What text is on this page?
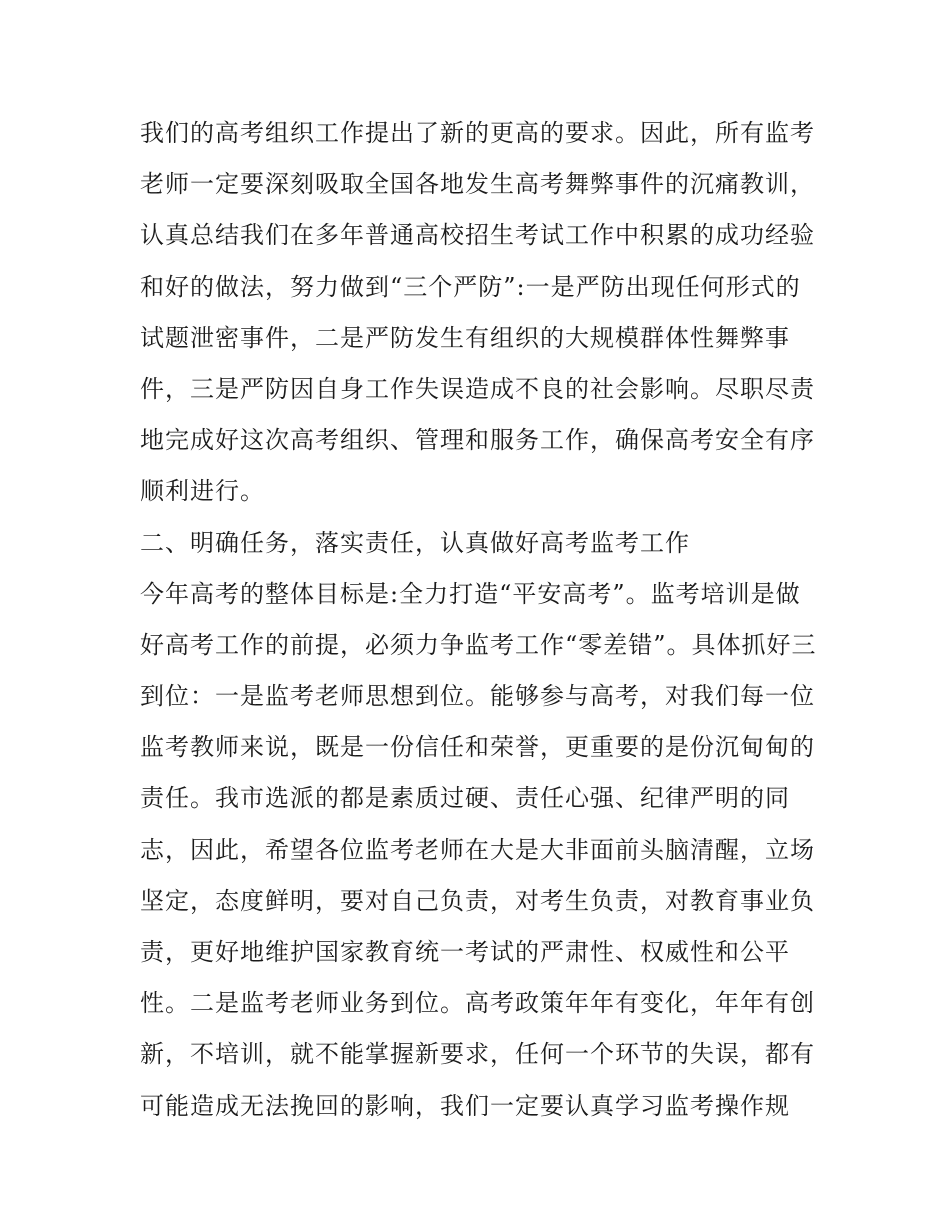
我们的高考组织工作提出了新的更高的要求。因此，所有监考
老师一定要深刻吸取全国各地发生高考舞弊事件的沉痛教训，
认真总结我们在多年普通高校招生考试工作中积累的成功经验
和好的做法，努力做到“三个严防”:一是严防出现任何形式的
试题泄密事件，二是严防发生有组织的大规模群体性舞弊事
件，三是严防因自身工作失误造成不良的社会影响。尽职尽责
地完成好这次高考组织、管理和服务工作，确保高考安全有序
顺利进行。
二、明确任务，落实责任，认真做好高考监考工作
今年高考的整体目标是:全力打造“平安高考”。监考培训是做
好高考工作的前提，必须力争监考工作“零差错”。具体抓好三
到位：一是监考老师思想到位。能够参与高考，对我们每一位
监考教师来说，既是一份信任和荣誉，更重要的是份沉甸甸的
责任。我市选派的都是素质过硬、责任心强、纪律严明的同
志，因此，希望各位监考老师在大是大非面前头脑清醒，立场
坚定，态度鲜明，要对自己负责，对考生负责，对教育事业负
责，更好地维护国家教育统一考试的严肃性、权威性和公平
性。二是监考老师业务到位。高考政策年年有变化，年年有创
新，不培训，就不能掌握新要求，任何一个环节的失误，都有
可能造成无法挽回的影响，我们一定要认真学习监考操作规
